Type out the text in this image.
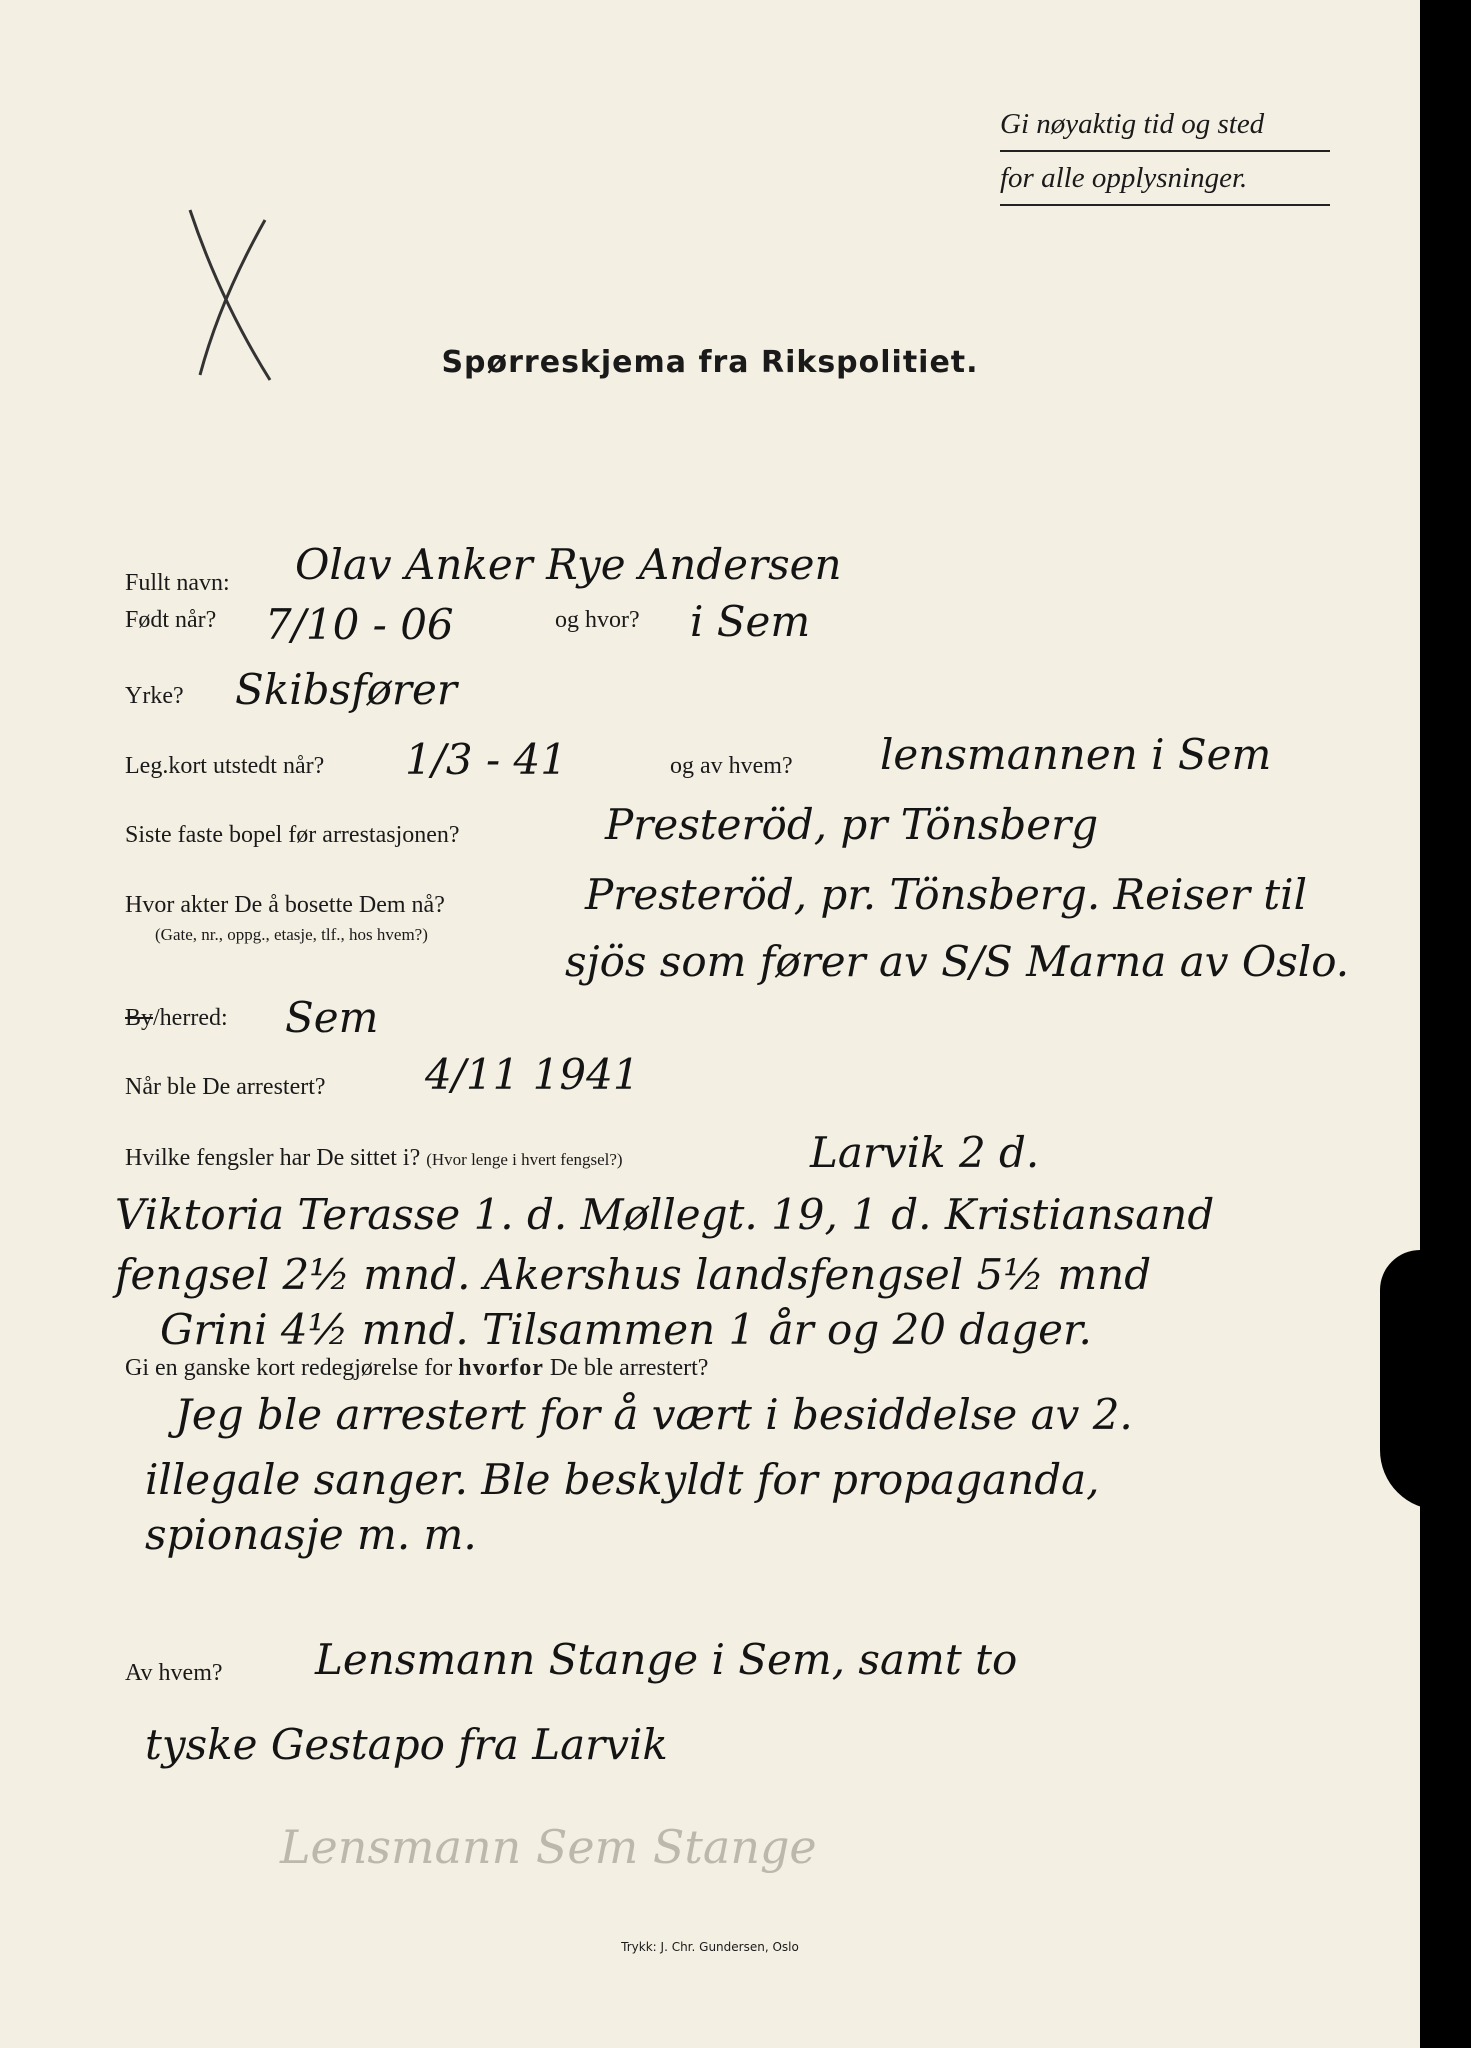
Gi nøyaktig tid og sted
for alle opplysninger.
Spørreskjema fra Rikspolitiet.
Fullt navn: Olav Anker Rye Andersen
Født når? 7/10 - 06	og hvor? i Sem
Yrke? Skibsfører
Leg.kort utstedt når? 1/3 - 41	og av hvem? lensmannen i Sem
Siste faste bopel før arrestasjonen?	Presteröd, pr Tönsberg
Hvor akter De å bosette Dem nå?
(Gate, nr., oppg., etasje, tlf., hos hvem?)
Presteröd, pr. Tönsberg. Reiser til
sjös som fører av S/S Marna av Oslo.
By/herred: Sem
Når ble De arrestert? 4/11 1941
Hvilke fengsler har De sittet i? (Hvor lenge i hvert fengsel?)	Larvik 2 d.
Viktoria Terasse 1. d. Møllegt. 19, 1 d. Kristiansand
fengsel 2½ mnd. Akershus landsfengsel 5½ mnd
Grini 4½ mnd. Tilsammen 1 år og 20 dager.
Gi en ganske kort redegjørelse for hvorfor De ble arrestert?
Jeg ble arrestert for å vært i besiddelse av 2.
illegale sanger. Ble beskyldt for propaganda,
spionasje m. m.
Av hvem? Lensmann Stange i Sem, samt to
tyske Gestapo fra Larvik
Lensmann Sem Stange
Trykk: J. Chr. Gundersen, Oslo
